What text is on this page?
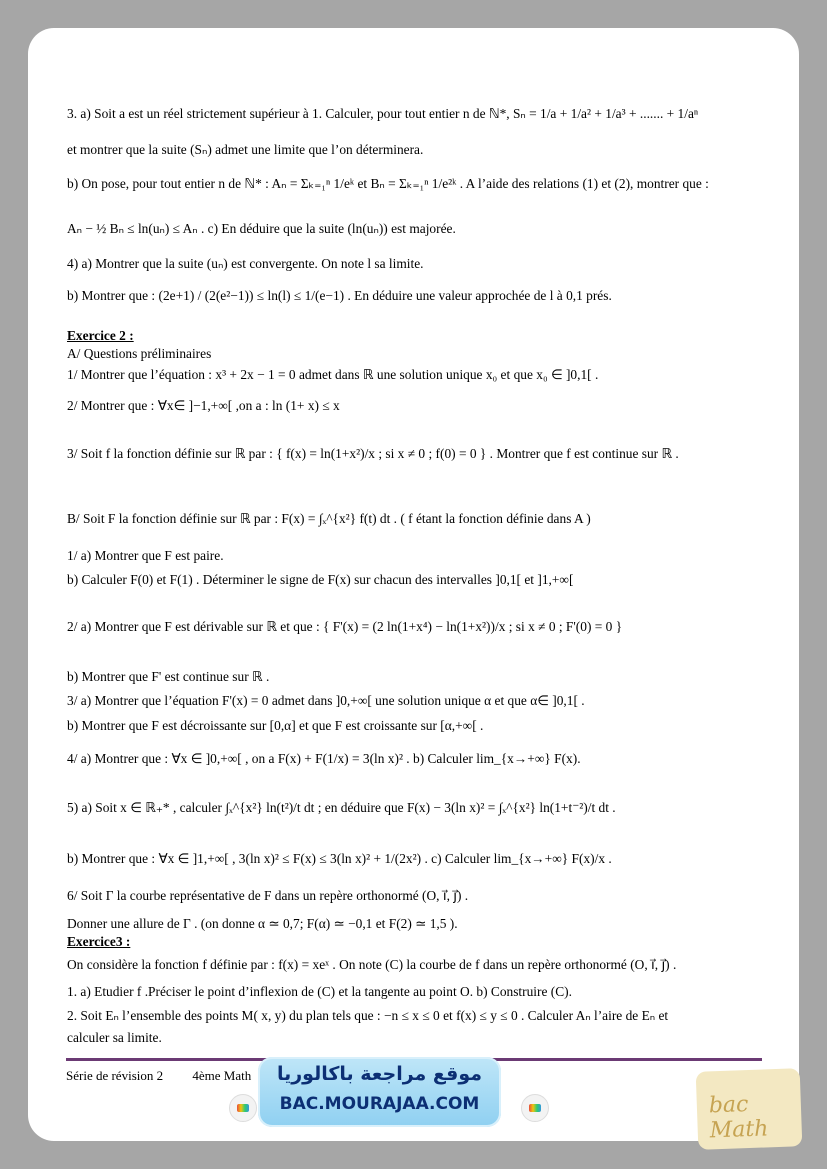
3. a) Soit a est un réel strictement supérieur à 1. Calculer, pour tout entier n de ℕ*, Sₙ = 1/a + 1/a² + 1/a³ + ....... + 1/aⁿ
et montrer que la suite (Sₙ) admet une limite que l’on déterminera.
b) On pose, pour tout entier n de ℕ* : Aₙ = Σₖ₌₁ⁿ 1/eᵏ et Bₙ = Σₖ₌₁ⁿ 1/e²ᵏ . A l’aide des relations (1) et (2), montrer que :
Aₙ − ½ Bₙ ≤ ln(uₙ) ≤ Aₙ . c) En déduire que la suite (ln(uₙ)) est majorée.
4) a) Montrer que la suite (uₙ) est convergente. On note l sa limite.
b) Montrer que : (2e+1) / (2(e²−1)) ≤ ln(l) ≤ 1/(e−1) . En déduire une valeur approchée de l à 0,1 prés.
Exercice 2 :
A/ Questions préliminaires
1/ Montrer que l’équation : x³ + 2x − 1 = 0 admet dans ℝ une solution unique x₀ et que x₀ ∈ ]0,1[ .
2/ Montrer que : ∀x∈ ]−1,+∞[ ,on a : ln (1+ x) ≤ x
3/ Soit f la fonction définie sur ℝ par : { f(x) = ln(1+x²)/x ; si x ≠ 0 ; f(0) = 0 } . Montrer que f est continue sur ℝ .
B/ Soit F la fonction définie sur ℝ par : F(x) = ∫ₓ^{x²} f(t) dt . ( f étant la fonction définie dans A )
1/ a) Montrer que F est paire.
b) Calculer F(0) et F(1) . Déterminer le signe de F(x) sur chacun des intervalles ]0,1[ et ]1,+∞[
2/ a) Montrer que F est dérivable sur ℝ et que : { F'(x) = (2 ln(1+x⁴) − ln(1+x²))/x ; si x ≠ 0 ; F'(0) = 0 }
b) Montrer que F' est continue sur ℝ .
3/ a) Montrer que l’équation F'(x) = 0 admet dans ]0,+∞[ une solution unique α et que α∈ ]0,1[ .
b) Montrer que F est décroissante sur [0,α] et que F est croissante sur [α,+∞[ .
4/ a) Montrer que : ∀x ∈ ]0,+∞[ , on a F(x) + F(1/x) = 3(ln x)² . b) Calculer lim_{x→+∞} F(x).
5) a) Soit x ∈ ℝ₊* , calculer ∫ₓ^{x²} ln(t²)/t dt ; en déduire que F(x) − 3(ln x)² = ∫ₓ^{x²} ln(1+t⁻²)/t dt .
b) Montrer que : ∀x ∈ ]1,+∞[ , 3(ln x)² ≤ F(x) ≤ 3(ln x)² + 1/(2x²) . c) Calculer lim_{x→+∞} F(x)/x .
6/ Soit Γ la courbe représentative de F dans un repère orthonormé (O, i⃗, j⃗) .
Donner une allure de Γ . (on donne α ≃ 0,7; F(α) ≃ −0,1 et F(2) ≃ 1,5 ).
Exercice3 :
On considère la fonction f définie par : f(x) = xeˣ . On note (C) la courbe de f dans un repère orthonormé (O, i⃗, j⃗) .
1. a) Etudier f .Préciser le point d’inflexion de (C) et la tangente au point O. b) Construire (C).
2. Soit Eₙ l’ensemble des points M( x, y) du plan tels que : −n ≤ x ≤ 0 et f(x) ≤ y ≤ 0 . Calculer Aₙ l’aire de Eₙ et
calculer sa limite.
Série de révision 2 4ème Math	موقع مراجعة باكالوريا
BAC.MOURAJAA.COM	bac Math
